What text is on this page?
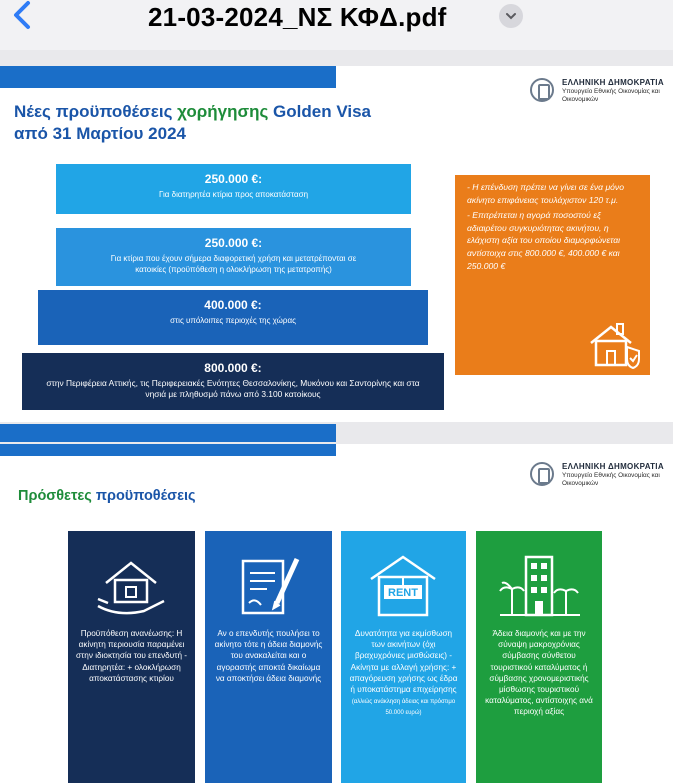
21-03-2024_ΝΣ ΚΦΔ.pdf
ΕΛΛΗΝΙΚΗ ΔΗΜΟΚΡΑΤΙΑ
Υπουργείο Εθνικής Οικονομίας και Οικονομικών
Νέες προϋποθέσεις χορήγησης Golden Visa
από 31 Μαρτίου 2024
250.000 €:
Για διατηρητέα κτίρια προς αποκατάσταση
250.000 €:
Για κτίρια που έχουν σήμερα διαφορετική χρήση και μετατρέπονται σε κατοικίες (προϋπόθεση η ολοκλήρωση της μετατροπής)
400.000 €:
στις υπόλοιπες περιοχές της χώρας
800.000 €:
στην Περιφέρεια Αττικής, τις Περιφερειακές Ενότητες Θεσσαλονίκης, Μυκόνου και Σαντορίνης και στα νησιά με πληθυσμό πάνω από 3.100 κατοίκους

- Η επένδυση πρέπει να γίνει σε ένα μόνο ακίνητο επιφάνειας τουλάχιστον 120 τ.μ.

- Επιτρέπεται η αγορά ποσοστού εξ αδιαιρέτου συγκυριότητας ακινήτου, η ελάχιστη αξία του οποίου διαμορφώνεται αντίστοιχα στις 800.000 €, 400.000 € και 250.000 €

ΕΛΛΗΝΙΚΗ ΔΗΜΟΚΡΑΤΙΑ
Υπουργείο Εθνικής Οικονομίας και Οικονομικών
Πρόσθετες προϋποθέσεις
Προϋπόθεση ανανέωσης: Η ακίνητη περιουσία παραμένει στην ιδιοκτησία του επενδυτή - Διατηρητέα: + ολοκλήρωση αποκατάστασης κτιρίου
Αν ο επενδυτής πουλήσει το ακίνητο τότε η άδεια διαμονής του ανακαλείται και ο αγοραστής αποκτά δικαίωμα να αποκτήσει άδεια διαμονής
RENT
Δυνατότητα για εκμίσθωση των ακινήτων (όχι βραχυχρόνιες μισθώσεις) - Ακίνητα με αλλαγή χρήσης: + απαγόρευση χρήσης ως έδρα ή υποκατάστημα επιχείρησης
(αλλιώς ανάκληση άδειας και πρόστιμο 50.000 ευρώ)
Άδεια διαμονής και με την σύναψη μακροχρόνιας σύμβασης σύνθετου τουριστικού καταλύματος ή σύμβασης χρονομεριστικής μίσθωσης τουριστικού καταλύματος, αντίστοιχης ανά περιοχή αξίας
